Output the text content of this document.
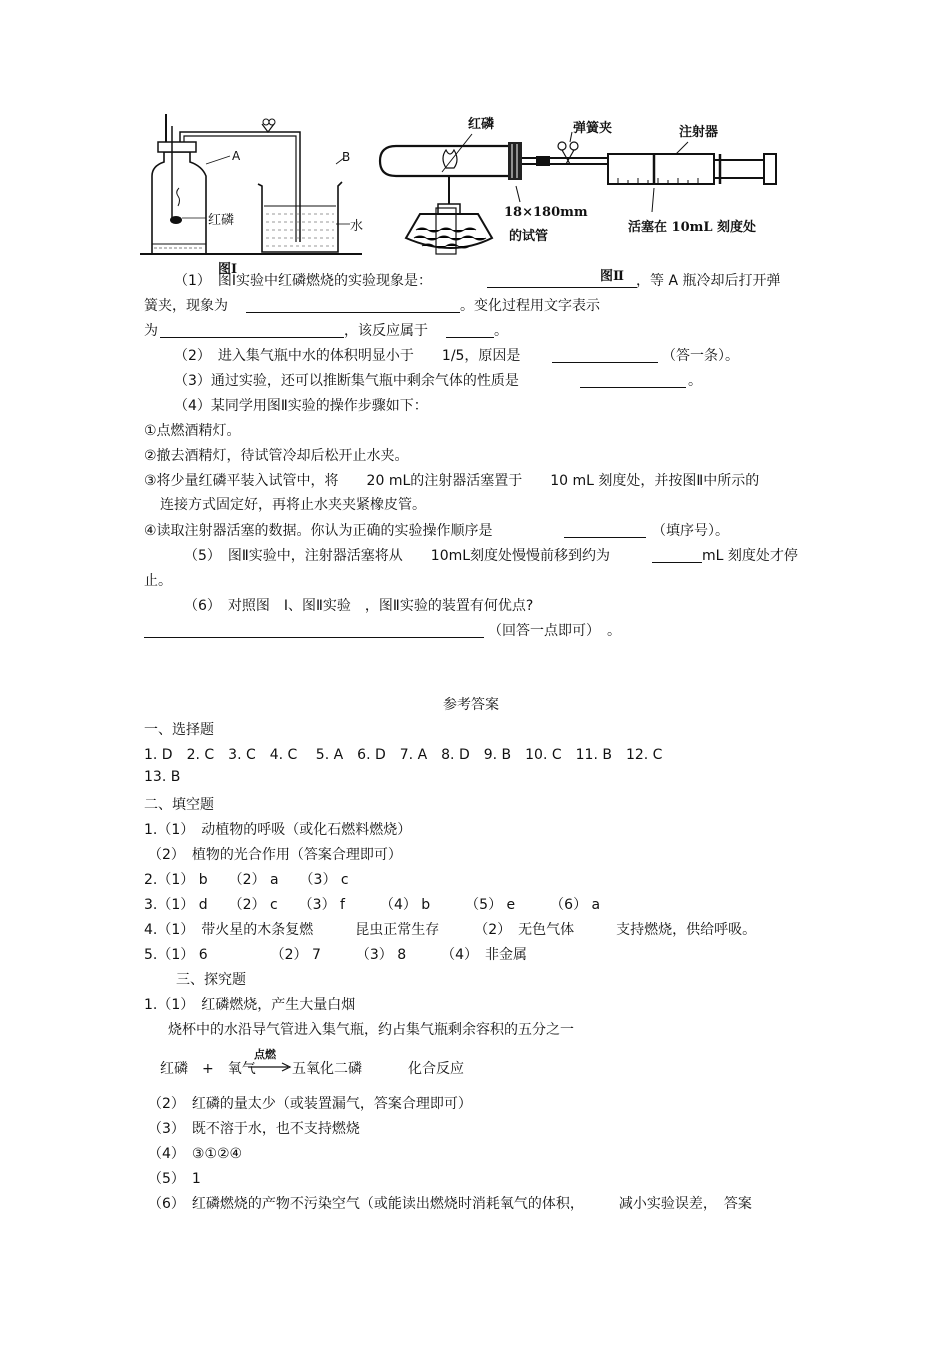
A	B
红磷	水
图Ⅰ
红磷	弹簧夹	注射器
18×180mm
的试管
活塞在 10mL 刻度处
图Ⅱ
（1）　图Ⅰ实验中红磷燃烧的实验现象是：	，等 A 瓶冷却后打开弹
簧夹，现象为	。变化过程用文字表示
为	，该反应属于	。
（2）　进入集气瓶中水的体积明显小于　　1/5，原因是	（答一条）。
（3）通过实验，还可以推断集气瓶中剩余气体的性质是	。
（4）某同学用图Ⅱ实验的操作步骤如下：
①点燃酒精灯。
②撤去酒精灯，待试管冷却后松开止水夹。
③将少量红磷平装入试管中，将　　20 mL的注射器活塞置于　　10 mL 刻度处，并按图Ⅱ中所示的
连接方式固定好，再将止水夹夹紧橡皮管。
④读取注射器活塞的数据。你认为正确的实验操作顺序是	（填序号）。
（5）　图Ⅱ实验中，注射器活塞将从　　10mL刻度处慢慢前移到约为	mL 刻度处才停
止。
（6）　对照图　Ⅰ、图Ⅱ实验　，图Ⅱ实验的装置有何优点?
（回答一点即可）　。
参考答案
一、选择题
1. D　2. C　3. C　4. C　 5. A　6. D　7. A　8. D　9. B　10. C　11. B　12. C
13. B
二、填空题
1.（1）　动植物的呼吸（或化石燃料燃烧）
（2）　植物的光合作用（答案合理即可）
2.（1） b　　（2） a　　（3） c
3.（1） d　　（2） c　　（3） f　　　（4） b　　　（5） e　　　（6） a
4.（1）　带火星的木条复燃　　　昆虫正常生存　　　（2）　无色气体　　　支持燃烧，供给呼吸。
5.（1） 6　　　　　（2） 7　　　（3） 8　　　（4）　非金属
三、探究题
1.（1）　红磷燃烧，产生大量白烟
烧杯中的水沿导气管进入集气瓶，约占集气瓶剩余容积的五分之一
红磷　+　氧气
点燃
五氧化二磷	化合反应
（2）　红磷的量太少（或装置漏气，答案合理即可）
（3）　既不溶于水，也不支持燃烧
（4）　③①②④
（5）　1
（6）　红磷燃烧的产物不污染空气（或能读出燃烧时消耗氧气的体积，　　　减小实验误差，　答案
